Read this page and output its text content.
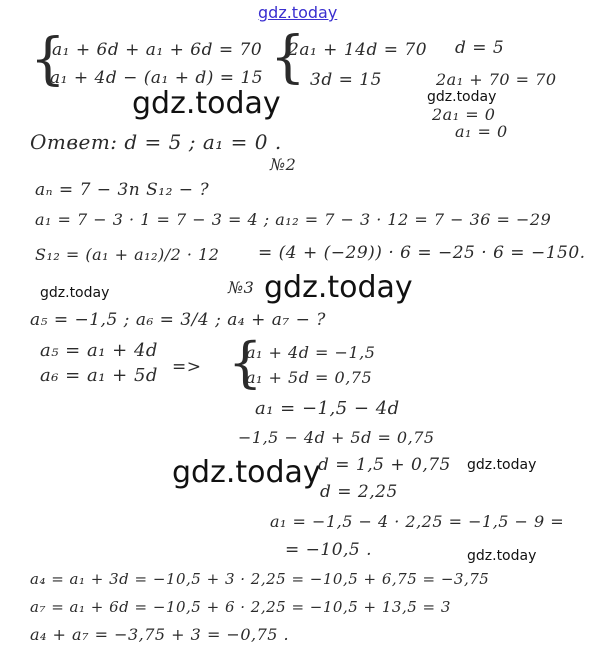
gdz.today
gdz.today
gdz.today
gdz.today
gdz.today
gdz.today
gdz.today
gdz.today
{
a₁ + 6d + a₁ + 6d = 70
a₁ + 4d − (a₁ + d) = 15 {
2a₁ + 14d = 70
3d = 15
d = 5
2a₁ + 70 = 70
2a₁ = 0
a₁ = 0
Ответ: d = 5 ; a₁ = 0 .
№2
aₙ = 7 − 3n S₁₂ − ?
a₁ = 7 − 3 · 1 = 7 − 3 = 4 ; a₁₂ = 7 − 3 · 12 = 7 − 36 = −29
S₁₂ = (a₁ + a₁₂)/2 · 12 = (4 + (−29)) · 6 = −25 · 6 = −150.
№3
a₅ = −1,5 ; a₆ = 3/4 ; a₄ + a₇ − ?
a₅ = a₁ + 4d
a₆ = a₁ + 5d => {
a₁ + 4d = −1,5
a₁ + 5d = 0,75
a₁ = −1,5 − 4d
−1,5 − 4d + 5d = 0,75
d = 1,5 + 0,75
d = 2,25
a₁ = −1,5 − 4 · 2,25 = −1,5 − 9 =
= −10,5 .
a₄ = a₁ + 3d = −10,5 + 3 · 2,25 = −10,5 + 6,75 = −3,75
a₇ = a₁ + 6d = −10,5 + 6 · 2,25 = −10,5 + 13,5 = 3
a₄ + a₇ = −3,75 + 3 = −0,75 .
